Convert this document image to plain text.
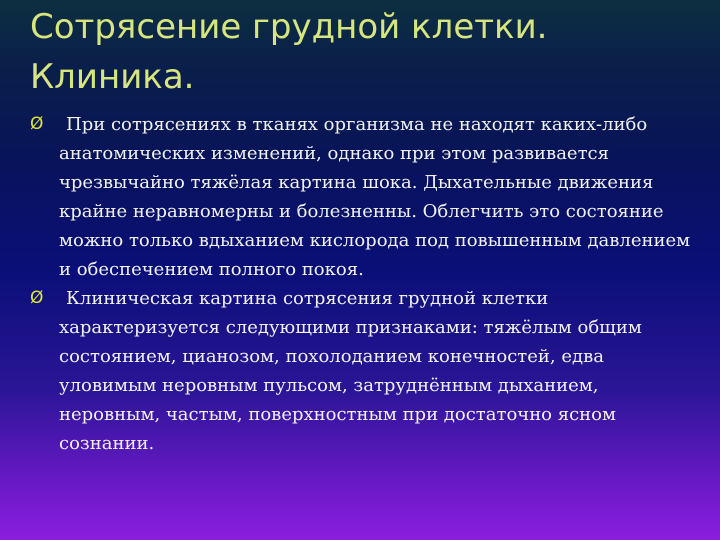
Сотрясение грудной клетки.
Клиника.
Ø	При сотрясениях в тканях организма не находят каких-либо анатомических изменений, однако при этом развивается чрезвычайно тяжёлая картина шока. Дыхательные движения крайне неравномерны и болезненны. Облегчить это состояние можно только вдыханием кислорода под повышенным давлением и обеспечением полного покоя.
Ø	Клиническая картина сотрясения грудной клетки характеризуется следующими признаками: тяжёлым общим состоянием, цианозом, похолоданием конечностей, едва уловимым неровным пульсом, затруднённым дыханием, неровным, частым, поверхностным при достаточно ясном сознании.
